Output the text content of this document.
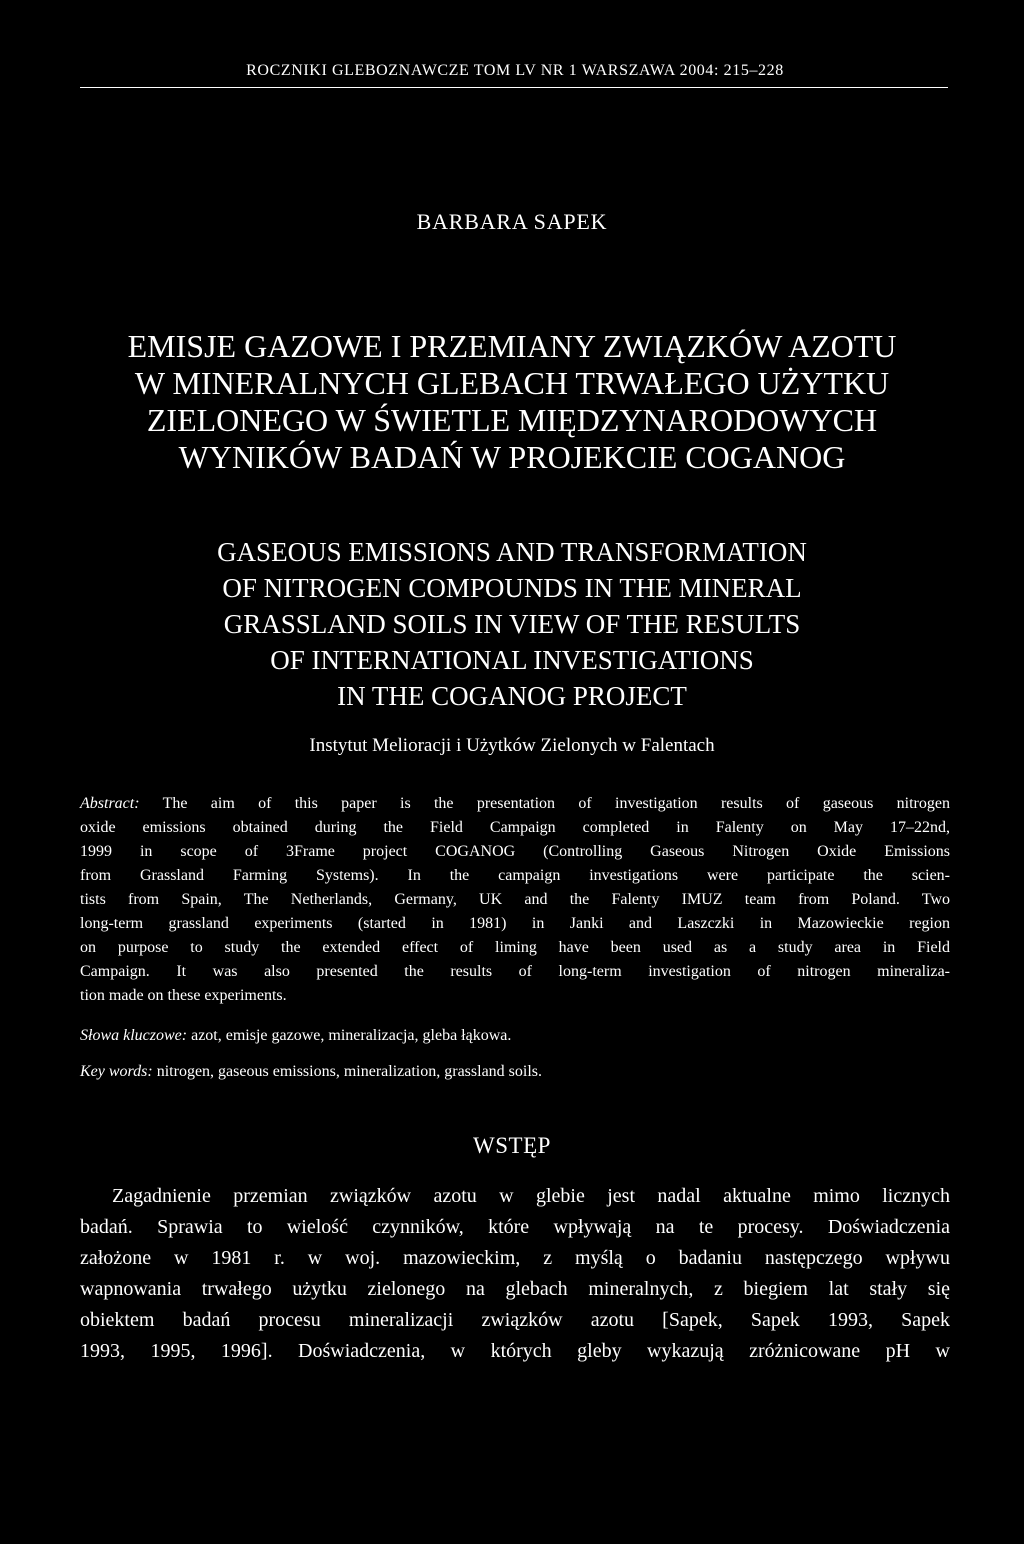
ROCZNIKI GLEBOZNAWCZE TOM LV NR 1 WARSZAWA 2004: 215–228
BARBARA SAPEK
EMISJE GAZOWE I PRZEMIANY ZWIĄZKÓW AZOTU
W MINERALNYCH GLEBACH TRWAŁEGO UŻYTKU
ZIELONEGO W ŚWIETLE MIĘDZYNARODOWYCH
WYNIKÓW BADAŃ W PROJEKCIE COGANOG
GASEOUS EMISSIONS AND TRANSFORMATION
OF NITROGEN COMPOUNDS IN THE MINERAL
GRASSLAND SOILS IN VIEW OF THE RESULTS
OF INTERNATIONAL INVESTIGATIONS
IN THE COGANOG PROJECT
Instytut Melioracji i Użytków Zielonych w Falentach
Abstract: The aim of this paper is the presentation of investigation results of gaseous nitrogen
oxide emissions obtained during the Field Campaign completed in Falenty on May 17–22nd,
1999 in scope of 3Frame project COGANOG (Controlling Gaseous Nitrogen Oxide Emissions
from Grassland Farming Systems). In the campaign investigations were participate the scien-
tists from Spain, The Netherlands, Germany, UK and the Falenty IMUZ team from Poland. Two
long-term grassland experiments (started in 1981) in Janki and Laszczki in Mazowieckie region
on purpose to study the extended effect of liming have been used as a study area in Field
Campaign. It was also presented the results of long-term investigation of nitrogen mineraliza-
tion made on these experiments.
Słowa kluczowe: azot, emisje gazowe, mineralizacja, gleba łąkowa.
Key words: nitrogen, gaseous emissions, mineralization, grassland soils.
WSTĘP
Zagadnienie przemian związków azotu w glebie jest nadal aktualne mimo licznych
badań. Sprawia to wielość czynników, które wpływają na te procesy. Doświadczenia
założone w 1981 r. w woj. mazowieckim, z myślą o badaniu następczego wpływu
wapnowania trwałego użytku zielonego na glebach mineralnych, z biegiem lat stały się
obiektem badań procesu mineralizacji związków azotu [Sapek, Sapek 1993, Sapek
1993, 1995, 1996]. Doświadczenia, w których gleby wykazują zróżnicowane pH w
